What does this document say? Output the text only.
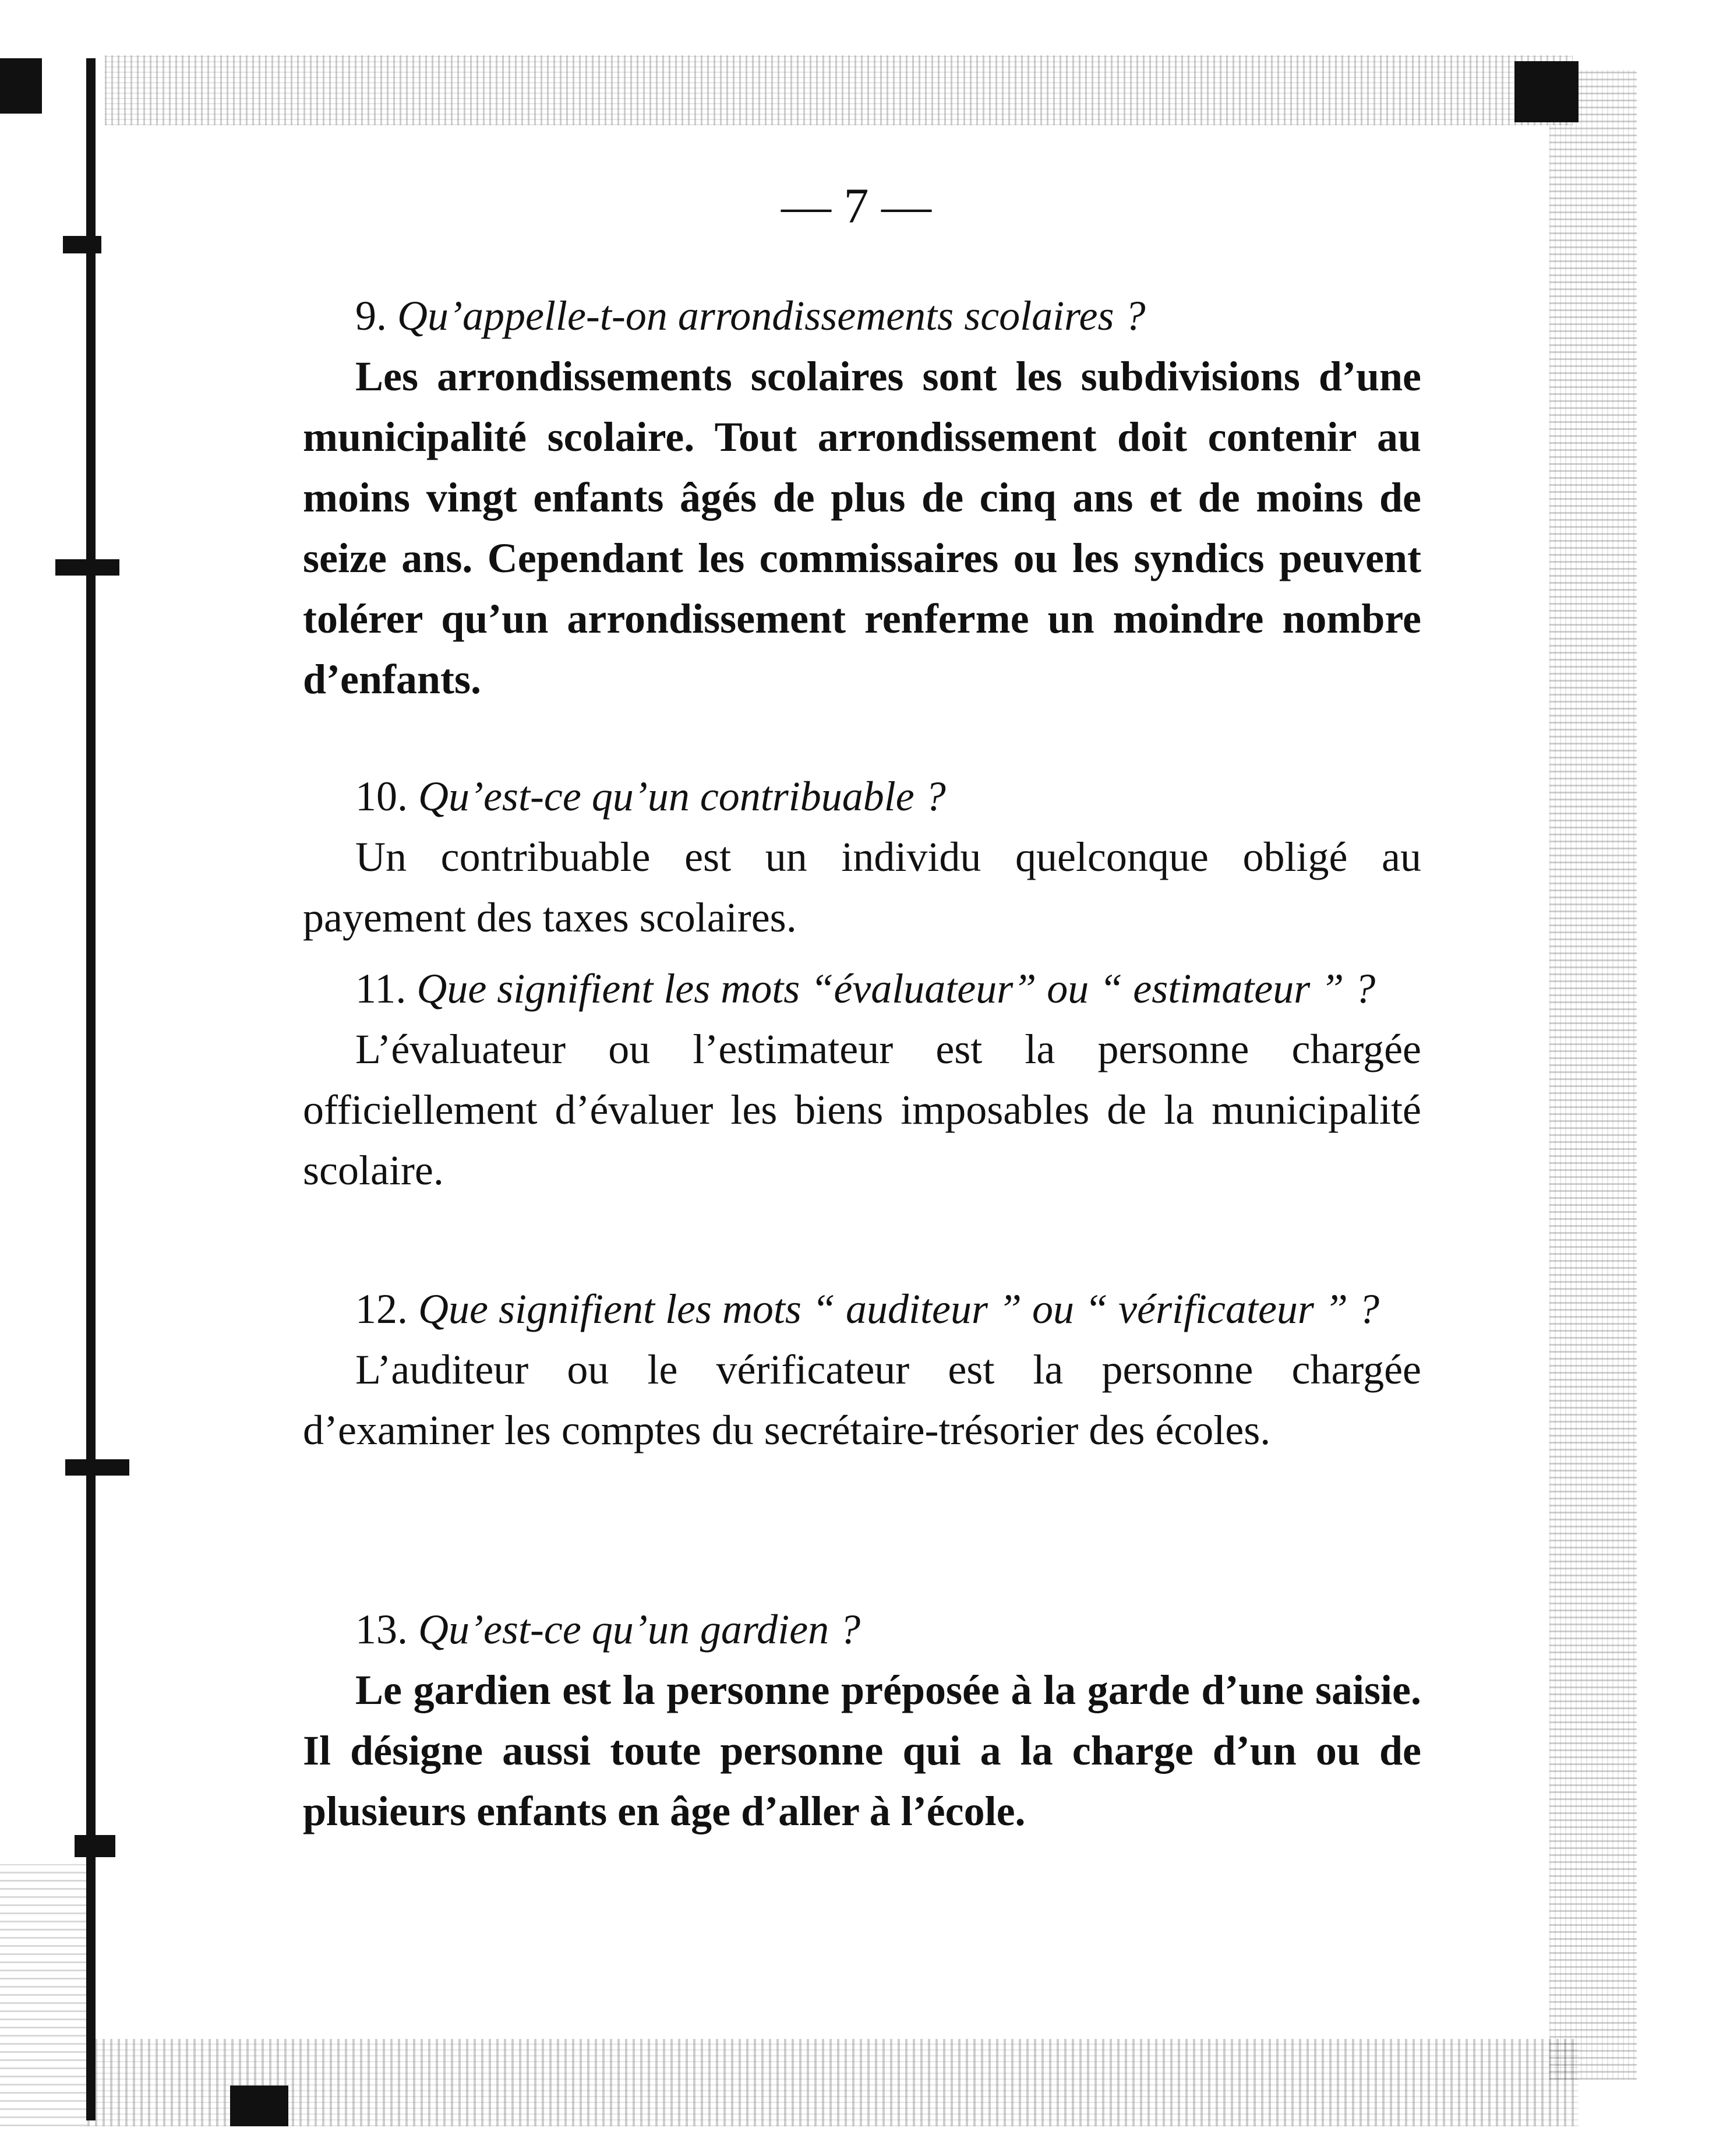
— 7 —
9. Qu’appelle-t-on arrondissements scolaires ?
Les arrondissements scolaires sont les subdivisions d’une municipalité scolaire. Tout arrondissement doit contenir au moins vingt enfants âgés de plus de cinq ans et de moins de seize ans. Cependant les commissaires ou les syndics peuvent tolérer qu’un arrondissement renferme un moindre nombre d’enfants.
10. Qu’est-ce qu’un contribuable ?
Un contribuable est un individu quelconque obligé au payement des taxes scolaires.
11. Que signifient les mots “évaluateur” ou “ estimateur ” ?
L’évaluateur ou l’estimateur est la personne chargée officiellement d’évaluer les biens imposables de la municipalité scolaire.
12. Que signifient les mots “ auditeur ” ou “ vérificateur ” ?
L’auditeur ou le vérificateur est la personne chargée d’examiner les comptes du secrétaire-trésorier des écoles.
13. Qu’est-ce qu’un gardien ?
Le gardien est la personne préposée à la garde d’une saisie. Il désigne aussi toute personne qui a la charge d’un ou de plusieurs enfants en âge d’aller à l’école.
